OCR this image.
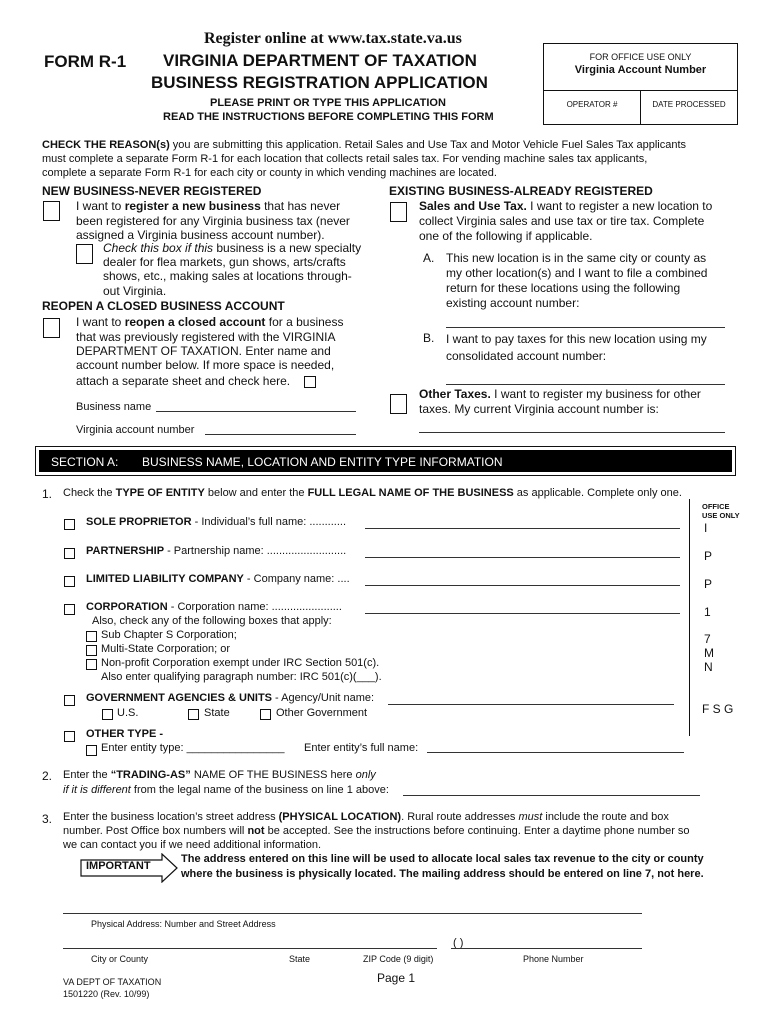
Register online at www.tax.state.va.us
FORM R-1 VIRGINIA DEPARTMENT OF TAXATION
BUSINESS REGISTRATION APPLICATION
PLEASE PRINT OR TYPE THIS APPLICATION
READ THE INSTRUCTIONS BEFORE COMPLETING THIS FORM
FOR OFFICE USE ONLY
Virginia Account Number
OPERATOR #	DATE PROCESSED
CHECK THE REASON(s) you are submitting this application. Retail Sales and Use Tax and Motor Vehicle Fuel Sales Tax applicants
must complete a separate Form R-1 for each location that collects retail sales tax. For vending machine sales tax applicants,
complete a separate Form R-1 for each city or county in which vending machines are located.
NEW BUSINESS-NEVER REGISTERED
I want to register a new business that has never
been registered for any Virginia business tax (never
assigned a Virginia business account number).
Check this box if this business is a new specialty
dealer for flea markets, gun shows, arts/crafts
shows, etc., making sales at locations through-
out Virginia.
REOPEN A CLOSED BUSINESS ACCOUNT
I want to reopen a closed account for a business
that was previously registered with the VIRGINIA
DEPARTMENT OF TAXATION. Enter name and
account number below. If more space is needed,
attach a separate sheet and check here.
Business name
Virginia account number
EXISTING BUSINESS-ALREADY REGISTERED
Sales and Use Tax. I want to register a new location to
collect Virginia sales and use tax or tire tax. Complete
one of the following if applicable.
A. This new location is in the same city or county as
my other location(s) and I want to file a combined
return for these locations using the following
existing account number:
B. I want to pay taxes for this new location using my
consolidated account number:
Other Taxes. I want to register my business for other
taxes. My current Virginia account number is:
SECTION A: BUSINESS NAME, LOCATION AND ENTITY TYPE INFORMATION
1. Check the TYPE OF ENTITY below and enter the FULL LEGAL NAME OF THE BUSINESS as applicable. Complete only one.
OFFICE
USE ONLY
I
P
P
1
7
M
N
F S G
SOLE PROPRIETOR - Individual’s full name: ............
PARTNERSHIP - Partnership name: ..........................
LIMITED LIABILITY COMPANY - Company name: ....
CORPORATION - Corporation name: .......................
Also, check any of the following boxes that apply:
Sub Chapter S Corporation;
Multi-State Corporation; or
Non-profit Corporation exempt under IRC Section 501(c).
Also enter qualifying paragraph number: IRC 501(c)(___).
GOVERNMENT AGENCIES & UNITS - Agency/Unit name:
U.S.	State	Other Government
OTHER TYPE -
Enter entity type: ________________ Enter entity’s full name:
2. Enter the “TRADING-AS” NAME OF THE BUSINESS here only
if it is different from the legal name of the business on line 1 above:
3. Enter the business location’s street address (PHYSICAL LOCATION). Rural route addresses must include the route and box
number. Post Office box numbers will not be accepted. See the instructions before continuing. Enter a daytime phone number so
we can contact you if we need additional information.
IMPORTANT
The address entered on this line will be used to allocate local sales tax revenue to the city or county
where the business is physically located. The mailing address should be entered on line 7, not here.
Physical Address: Number and Street Address
( )
City or County	State	ZIP Code (9 digit)	Phone Number
VA DEPT OF TAXATION
1501220 (Rev. 10/99)
Page 1
